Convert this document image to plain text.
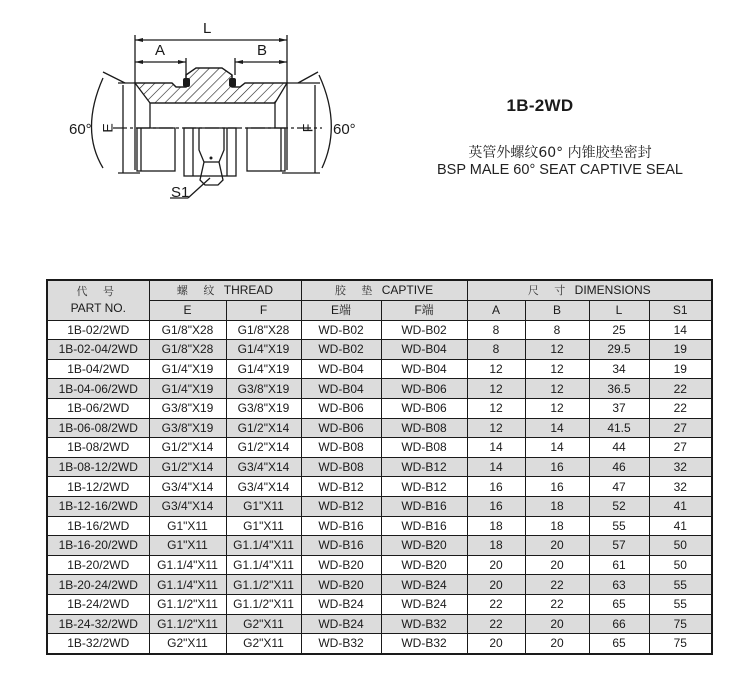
L
A	B
E	F
60°	60°
S1
1B-2WD
英管外螺纹60° 内锥胶垫密封
BSP MALE 60° SEAT CAPTIVE SEAL
代 号
PART NO.	螺 纹 THREAD		胶 垫 CAPTIVE		尺 寸 DIMENSIONS			
	E	F	E端	F端	A	B	L	S1
1B-02/2WD	G1/8"X28	G1/8"X28	WD-B02	WD-B02	8	8	25	14
1B-02-04/2WD	G1/8"X28	G1/4"X19	WD-B02	WD-B04	8	12	29.5	19
1B-04/2WD	G1/4"X19	G1/4"X19	WD-B04	WD-B04	12	12	34	19
1B-04-06/2WD	G1/4"X19	G3/8"X19	WD-B04	WD-B06	12	12	36.5	22
1B-06/2WD	G3/8"X19	G3/8"X19	WD-B06	WD-B06	12	12	37	22
1B-06-08/2WD	G3/8"X19	G1/2"X14	WD-B06	WD-B08	12	14	41.5	27
1B-08/2WD	G1/2"X14	G1/2"X14	WD-B08	WD-B08	14	14	44	27
1B-08-12/2WD	G1/2"X14	G3/4"X14	WD-B08	WD-B12	14	16	46	32
1B-12/2WD	G3/4"X14	G3/4"X14	WD-B12	WD-B12	16	16	47	32
1B-12-16/2WD	G3/4"X14	G1"X11	WD-B12	WD-B16	16	18	52	41
1B-16/2WD	G1"X11	G1"X11	WD-B16	WD-B16	18	18	55	41
1B-16-20/2WD	G1"X11	G1.1/4"X11	WD-B16	WD-B20	18	20	57	50
1B-20/2WD	G1.1/4"X11	G1.1/4"X11	WD-B20	WD-B20	20	20	61	50
1B-20-24/2WD	G1.1/4"X11	G1.1/2"X11	WD-B20	WD-B24	20	22	63	55
1B-24/2WD	G1.1/2"X11	G1.1/2"X11	WD-B24	WD-B24	22	22	65	55
1B-24-32/2WD	G1.1/2"X11	G2"X11	WD-B24	WD-B32	22	20	66	75
1B-32/2WD	G2"X11	G2"X11	WD-B32	WD-B32	20	20	65	75
